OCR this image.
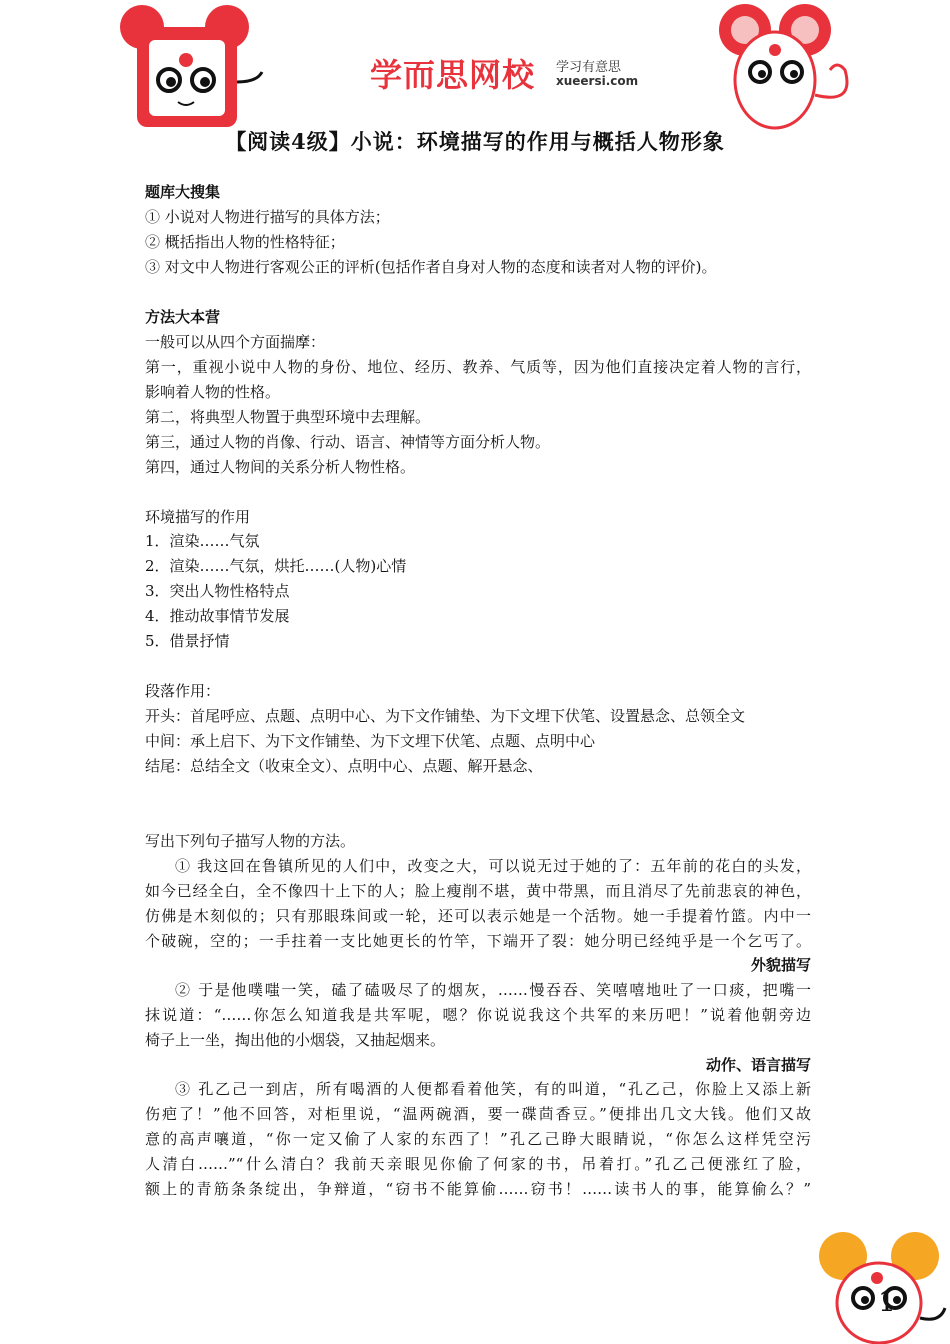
学而思网校 学习有意思
xueersi.com
【阅读4级】小说：环境描写的作用与概括人物形象
题库大搜集
① 小说对人物进行描写的具体方法；
② 概括指出人物的性格特征；
③ 对文中人物进行客观公正的评析(包括作者自身对人物的态度和读者对人物的评价)。
方法大本营
一般可以从四个方面揣摩：
第一，重视小说中人物的身份、地位、经历、教养、气质等，因为他们直接决定着人物的言行，
影响着人物的性格。
第二，将典型人物置于典型环境中去理解。
第三，通过人物的肖像、行动、语言、神情等方面分析人物。
第四，通过人物间的关系分析人物性格。
环境描写的作用
1．渲染……气氛
2．渲染……气氛，烘托……(人物)心情
3．突出人物性格特点
4．推动故事情节发展
5．借景抒情
段落作用：
开头：首尾呼应、点题、点明中心、为下文作铺垫、为下文埋下伏笔、设置悬念、总领全文
中间：承上启下、为下文作铺垫、为下文埋下伏笔、点题、点明中心
结尾：总结全文（收束全文）、点明中心、点题、解开悬念、
写出下列句子描写人物的方法。
① 我这回在鲁镇所见的人们中，改变之大，可以说无过于她的了：五年前的花白的头发，
如今已经全白，全不像四十上下的人；脸上瘦削不堪，黄中带黑，而且消尽了先前悲哀的神色，
仿佛是木刻似的；只有那眼珠间或一轮，还可以表示她是一个活物。她一手提着竹篮。内中一
个破碗，空的；一手拄着一支比她更长的竹竿，下端开了裂：她分明已经纯乎是一个乞丐了。
外貌描写
② 于是他噗嗤一笑，磕了磕吸尽了的烟灰，……慢吞吞、笑嘻嘻地吐了一口痰，把嘴一
抹说道：“……你怎么知道我是共军呢，嗯？你说说我这个共军的来历吧！”说着他朝旁边
椅子上一坐，掏出他的小烟袋，又抽起烟来。
动作、语言描写
③ 孔乙己一到店，所有喝酒的人便都看着他笑，有的叫道，“孔乙己，你脸上又添上新
伤疤了！”他不回答，对柜里说，“温两碗酒，要一碟茴香豆。”便排出几文大钱。他们又故
意的高声嚷道，“你一定又偷了人家的东西了！”孔乙己睁大眼睛说，“你怎么这样凭空污
人清白……”“什么清白？我前天亲眼见你偷了何家的书，吊着打。”孔乙己便涨红了脸，
额上的青筋条条绽出，争辩道，“窃书不能算偷……窃书！……读书人的事，能算偷么？”
1
